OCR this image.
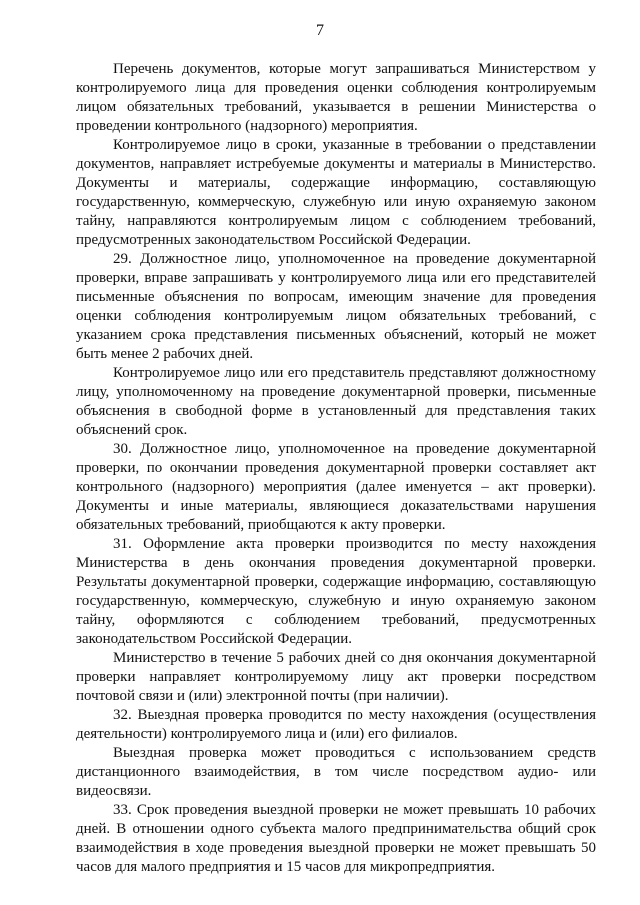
7

Перечень документов, которые могут запрашиваться Министерством у контролируемого лица для проведения оценки соблюдения контролируемым лицом обязательных требований, указывается в решении Министерства о проведении контрольного (надзорного) мероприятия.

Контролируемое лицо в сроки, указанные в требовании о представлении документов, направляет истребуемые документы и материалы в Министерство. Документы и материалы, содержащие информацию, составляющую государственную, коммерческую, служебную или иную охраняемую законом тайну, направляются контролируемым лицом с соблюдением требований, предусмотренных законодательством Российской Федерации.

29. Должностное лицо, уполномоченное на проведение документарной проверки, вправе запрашивать у контролируемого лица или его представителей письменные объяснения по вопросам, имеющим значение для проведения оценки соблюдения контролируемым лицом обязательных требований, с указанием срока представления письменных объяснений, который не может быть менее 2 рабочих дней.

Контролируемое лицо или его представитель представляют должностному лицу, уполномоченному на проведение документарной проверки, письменные объяснения в свободной форме в установленный для представления таких объяснений срок.

30. Должностное лицо, уполномоченное на проведение документарной проверки, по окончании проведения документарной проверки составляет акт контрольного (надзорного) мероприятия (далее именуется – акт проверки). Документы и иные материалы, являющиеся доказательствами нарушения обязательных требований, приобщаются к акту проверки.

31. Оформление акта проверки производится по месту нахождения Министерства в день окончания проведения документарной проверки. Результаты документарной проверки, содержащие информацию, составляющую государственную, коммерческую, служебную и иную охраняемую законом тайну, оформляются с соблюдением требований, предусмотренных законодательством Российской Федерации.

Министерство в течение 5 рабочих дней со дня окончания документарной проверки направляет контролируемому лицу акт проверки посредством почтовой связи и (или) электронной почты (при наличии).

32. Выездная проверка проводится по месту нахождения (осуществления деятельности) контролируемого лица и (или) его филиалов.

Выездная проверка может проводиться с использованием средств дистанционного взаимодействия, в том числе посредством аудио- или видеосвязи.

33. Срок проведения выездной проверки не может превышать 10 рабочих дней. В отношении одного субъекта малого предпринимательства общий срок взаимодействия в ходе проведения выездной проверки не может превышать 50 часов для малого предприятия и 15 часов для микропредприятия.
